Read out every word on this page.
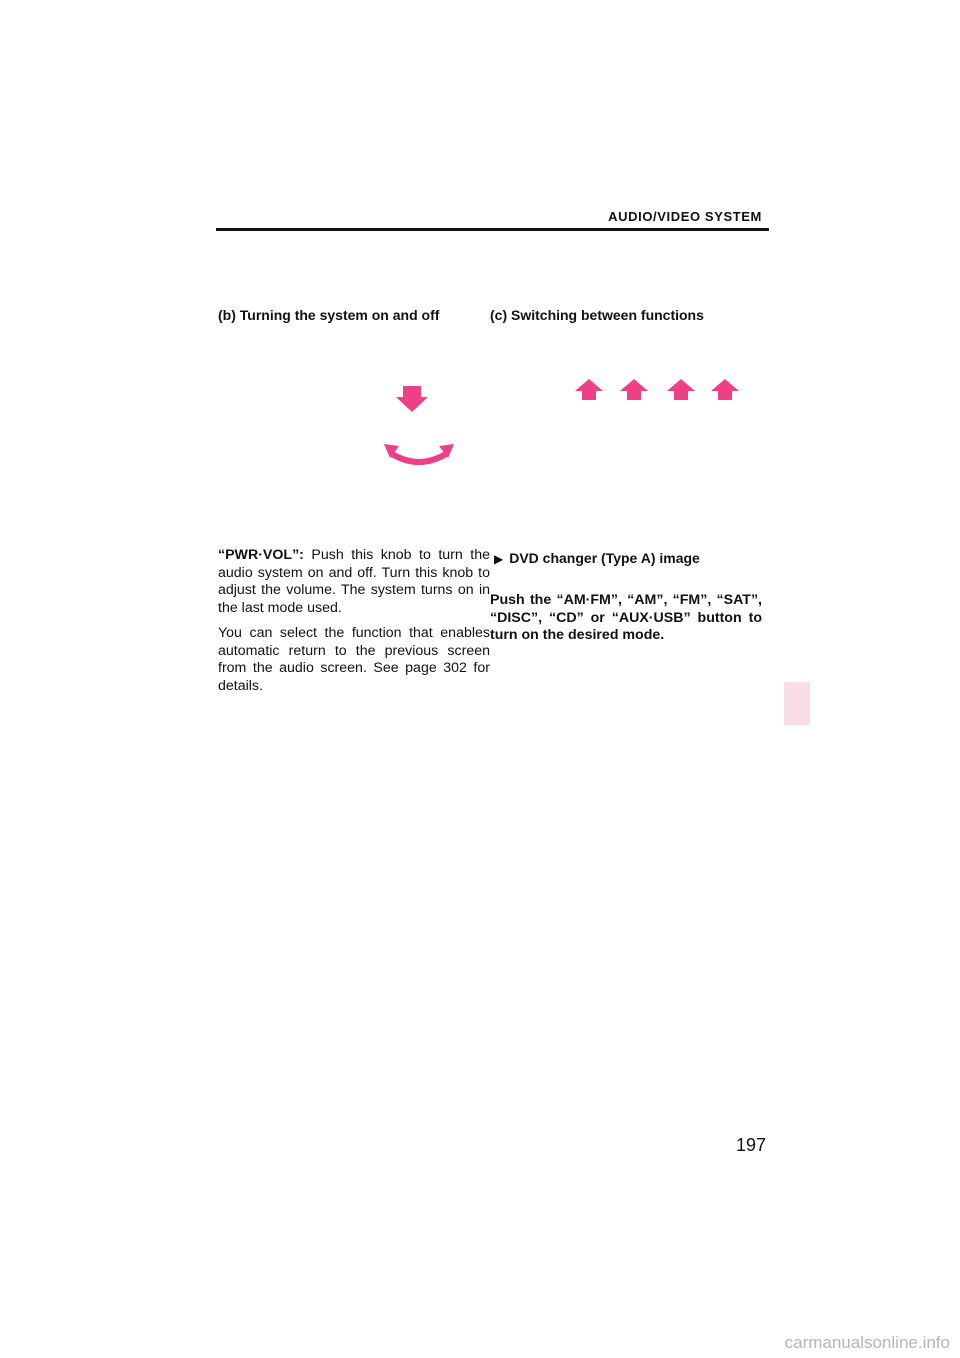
AUDIO/VIDEO SYSTEM
(b) Turning the system on and off	(c) Switching between functions
“PWR·VOL”: Push this knob to turn the audio system on and off. Turn this knob to adjust the volume. The system turns on in the last mode used.
You can select the function that enables automatic return to the previous screen from the audio screen. See page 302 for details.
▶ DVD changer (Type A) image
Push the “AM·FM”, “AM”, “FM”, “SAT”, “DISC”, “CD” or “AUX·USB” button to turn on the desired mode.
197
carmanualsonline.info
